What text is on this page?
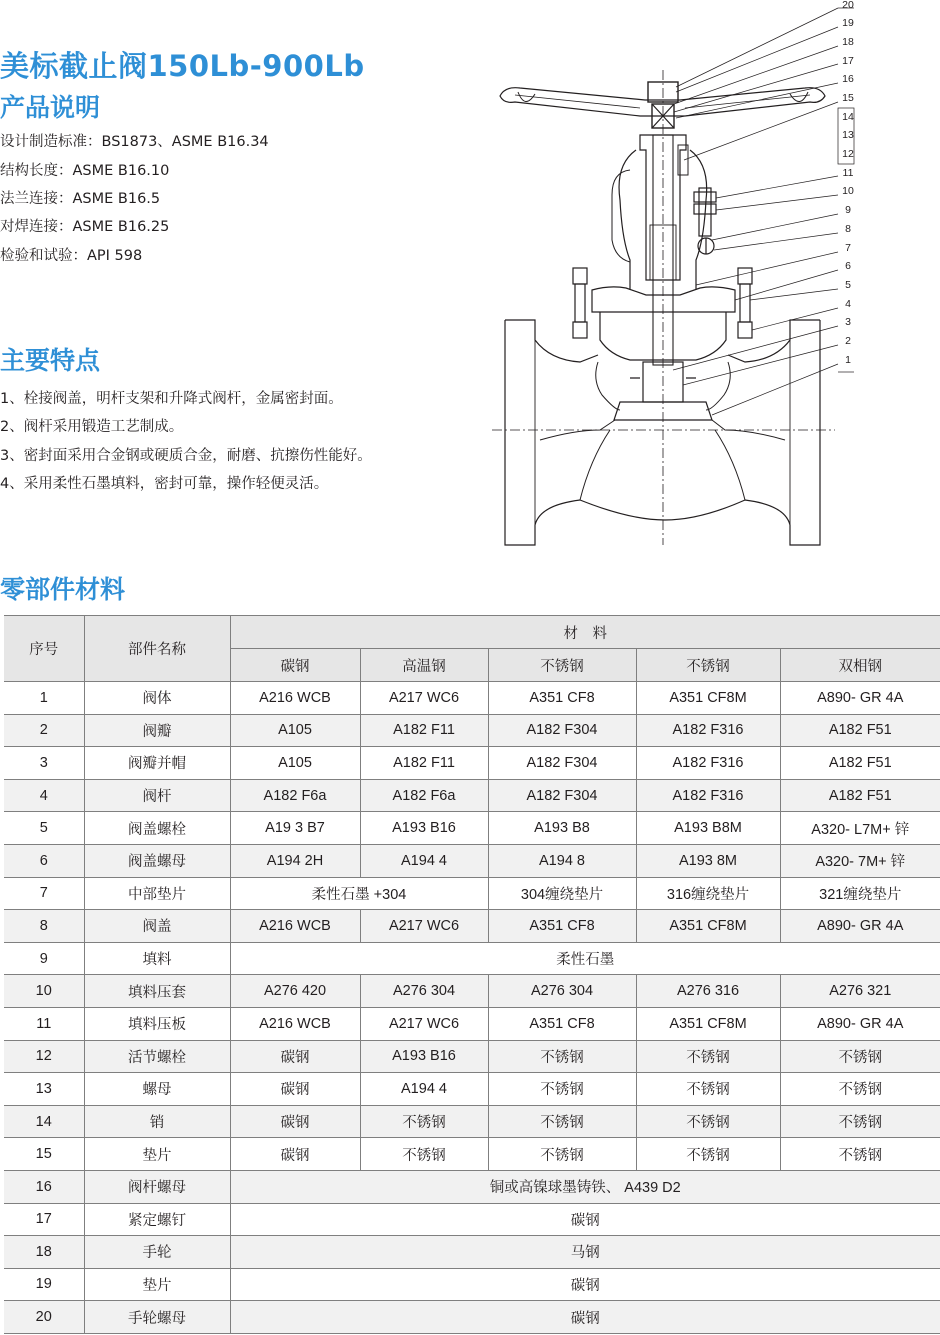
美标截止阀150Lb-900Lb
产品说明
设计制造标准：BS1873、ASME B16.34
结构长度：ASME B16.10
法兰连接：ASME B16.5
对焊连接：ASME B16.25
检验和试验：API 598
主要特点
1、栓接阀盖，明杆支架和升降式阀杆，金属密封面。
2、阀杆采用锻造工艺制成。
3、密封面采用合金钢或硬质合金，耐磨、抗擦伤性能好。
4、采用柔性石墨填料，密封可靠，操作轻便灵活。
20
19
18
17
16
15
14
13
12
11
10
9
8
7
6
5
4
3
2
1
零部件材料
序号	部件名称	材　料				
		碳钢	高温钢	不锈钢	不锈钢	双相钢
1	阀体	A216 WCB	A217 WC6	A351 CF8	A351 CF8M	A890- GR 4A
2	阀瓣	A105	A182 F11	A182 F304	A182 F316	A182 F51
3	阀瓣并帽	A105	A182 F11	A182 F304	A182 F316	A182 F51
4	阀杆	A182 F6a	A182 F6a	A182 F304	A182 F316	A182 F51
5	阀盖螺栓	A19 3 B7	A193 B16	A193 B8	A193 B8M	A320- L7M+ 锌
6	阀盖螺母	A194 2H	A194 4	A194 8	A193 8M	A320- 7M+ 锌
7	中部垫片	柔性石墨 +304		304缠绕垫片	316缠绕垫片	321缠绕垫片
8	阀盖	A216 WCB	A217 WC6	A351 CF8	A351 CF8M	A890- GR 4A
9	填料	柔性石墨				
10	填料压套	A276 420	A276 304	A276 304	A276 316	A276 321
11	填料压板	A216 WCB	A217 WC6	A351 CF8	A351 CF8M	A890- GR 4A
12	活节螺栓	碳钢	A193 B16	不锈钢	不锈钢	不锈钢
13	螺母	碳钢	A194 4	不锈钢	不锈钢	不锈钢
14	销	碳钢	不锈钢	不锈钢	不锈钢	不锈钢
15	垫片	碳钢	不锈钢	不锈钢	不锈钢	不锈钢
16	阀杆螺母	铜或高镍球墨铸铁、 A439 D2				
17	紧定螺钉	碳钢				
18	手轮	马钢				
19	垫片	碳钢				
20	手轮螺母	碳钢				
